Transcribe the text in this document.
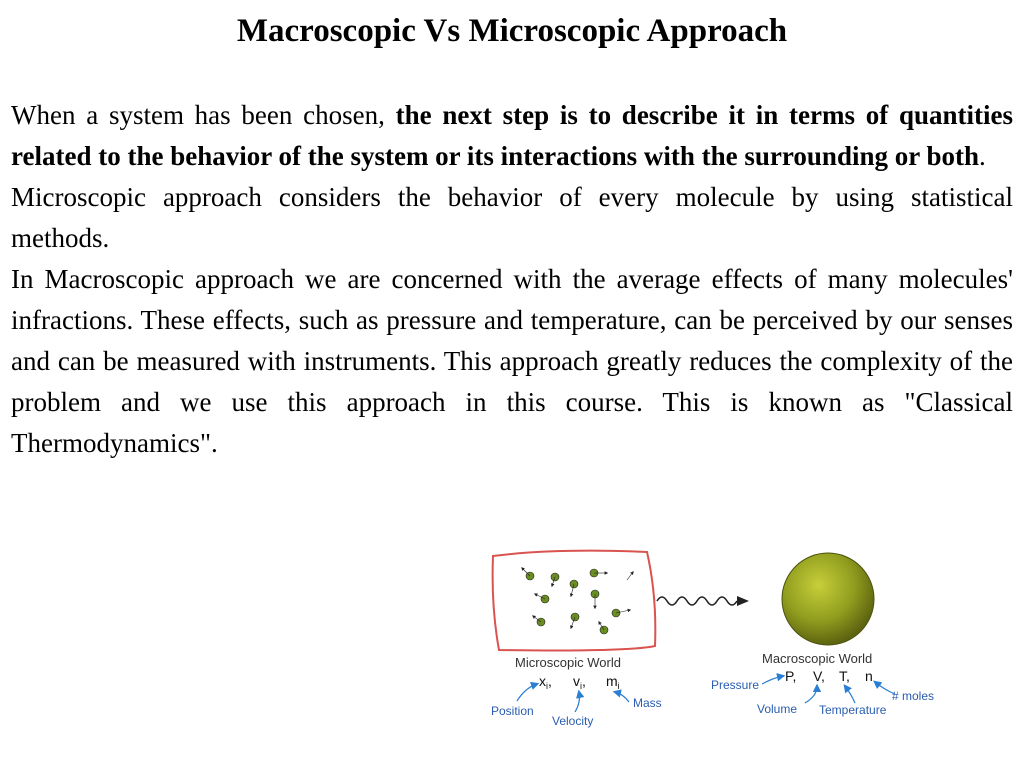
Macroscopic Vs Microscopic Approach

When a system has been chosen, the next step is to describe it in terms of quantities related to the behavior of the system or its interactions with the surrounding or both.

Microscopic approach considers the behavior of every molecule by using statistical methods.

In Macroscopic approach we are concerned with the average effects of many molecules' infractions. These effects, such as pressure and temperature, can be perceived by our senses and can be measured with instruments. This approach greatly reduces the complexity of the problem and we use this approach in this course. This is known as "Classical Thermodynamics".

Microscopic World
$x_i$, $v_i$, $m_i$
Position
Velocity
Mass
Macroscopic World
P, V, T, n
Pressure
Volume Temperature
# moles
